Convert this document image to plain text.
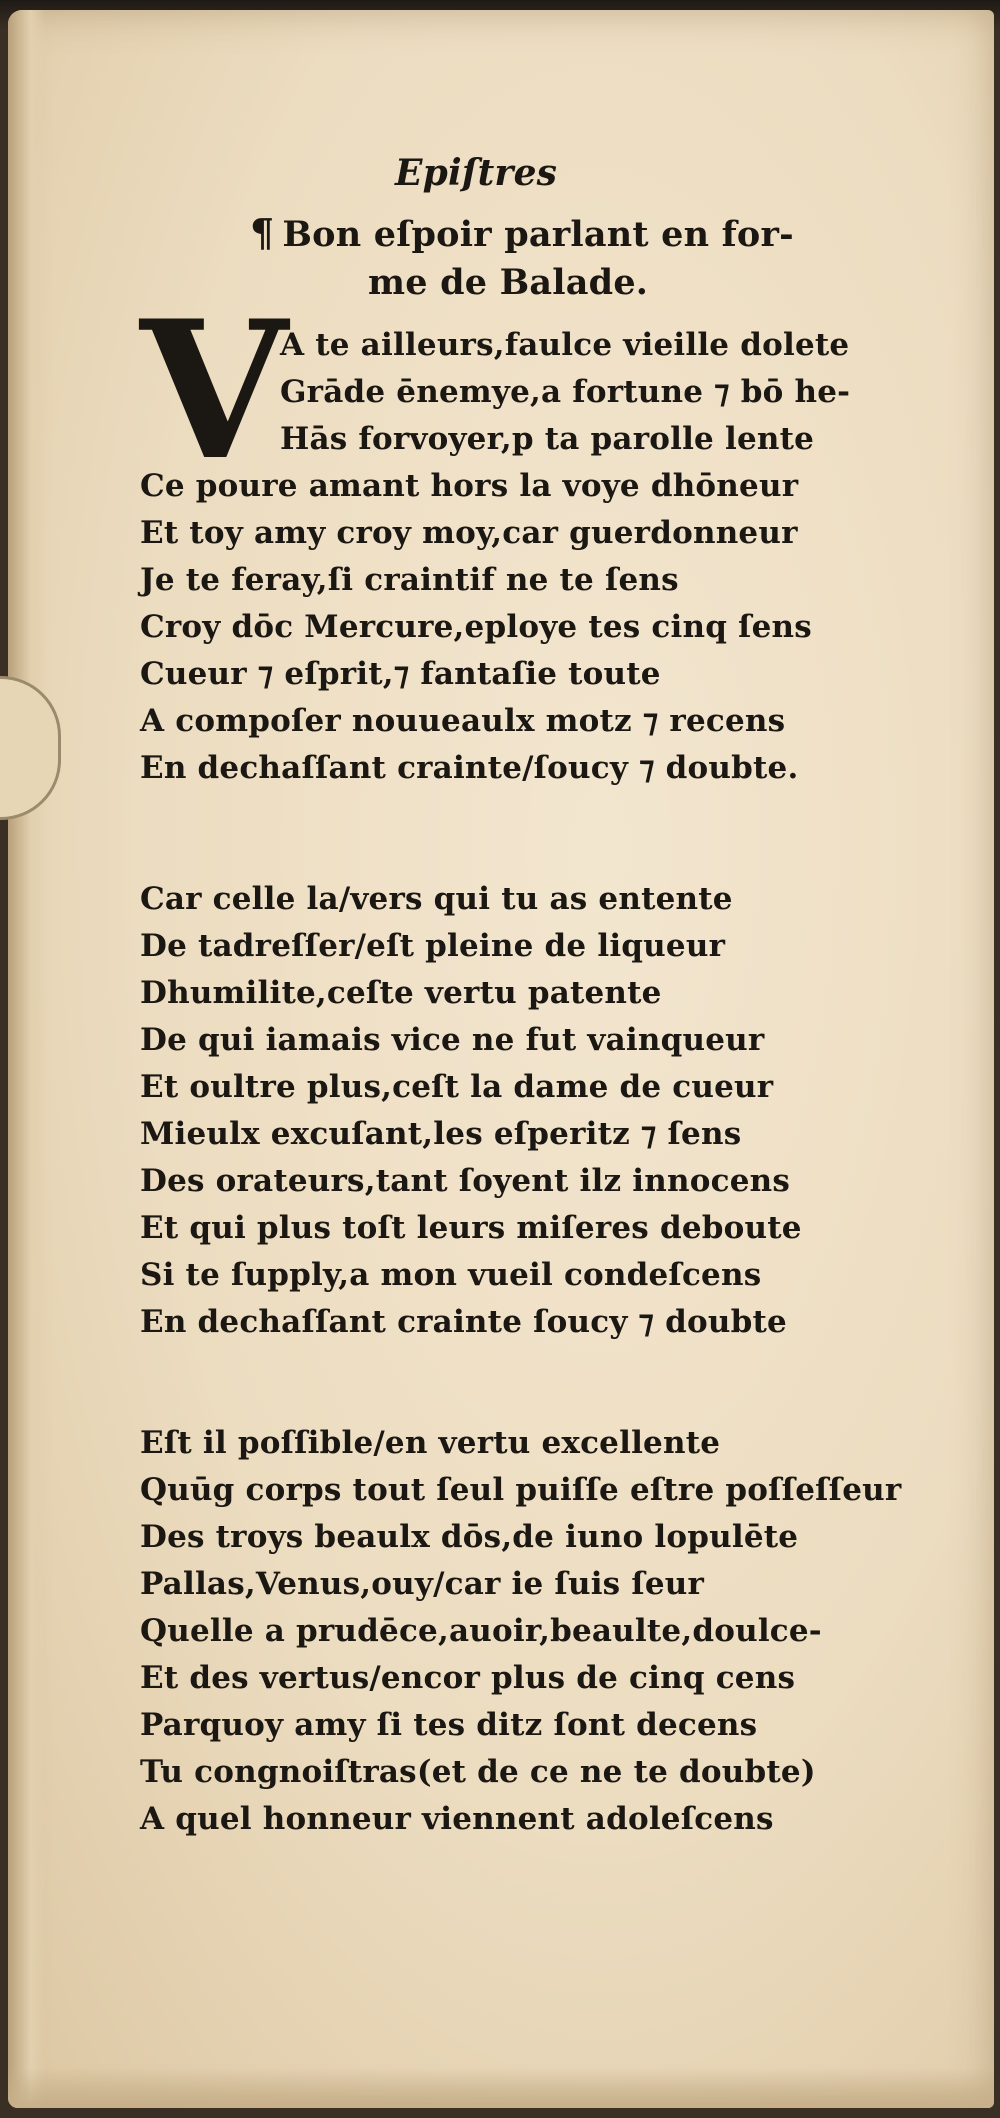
Epiſtres
¶ Bon eſpoir parlant en for‑
me de Balade.
V
A te ailleurs,faulce vieille dolete
Grāde ēnemye,a fortune ⁊ bō he‑
Hās forvoyer,p ta parolle lente
Ce poure amant hors la voye dhōneur
Et toy amy croy moy,car guerdonneur
Je te feray,ſi craintif ne te ſens
Croy dōc Mercure,eploye tes cinq ſens
Cueur ⁊ eſprit,⁊ fantaſie toute
A compoſer nouueaulx motz ⁊ recens
En dechaſſant crainte/ſoucy ⁊ doubte.
Car celle la/vers qui tu as entente
De tadreſſer/eſt pleine de liqueur
Dhumilite,ceſte vertu patente
De qui iamais vice ne fut vainqueur
Et oultre plus,ceſt la dame de cueur
Mieulx excuſant,les eſperitz ⁊ ſens
Des orateurs,tant ſoyent ilz innocens
Et qui plus toſt leurs miſeres deboute
Si te ſupply,a mon vueil condeſcens
En dechaſſant crainte ſoucy ⁊ doubte
Eſt il poſſible/en vertu excellente
Quūg corps tout ſeul puiſſe eſtre poſſeſſeur
Des troys beaulx dōs,de iuno lopulēte
Pallas,Venus,ouy/car ie ſuis ſeur
Quelle a prudēce,auoir,beaulte,doulce‑
Et des vertus/encor plus de cinq cens
Parquoy amy ſi tes ditz ſont decens
Tu congnoiſtras(et de ce ne te doubte)
A quel honneur viennent adoleſcens
